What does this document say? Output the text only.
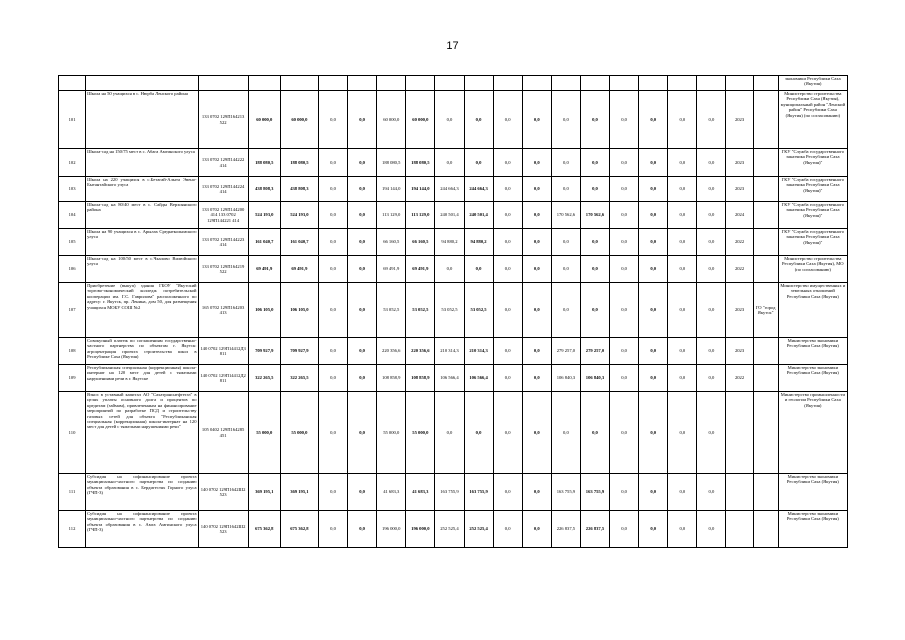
17
																					экономики Республики Саха (Якутия)
101	Школа на 50 учащихся в с. Нюрба Ленского района	133 0702 129П164213 522	60 000,0	60 000,0	0,0	0,0	60 000,0	60 000,0	0,0	0,0	0,0	0,0	0,0	0,0	0,0	0,0	0,0	0,0	2023		Министерство строительства Республики Саха (Якутия), муниципальный район "Ленский район" Республики Саха (Якутия) (по согласованию)
102	Школа-сад на 150/75 мест в с. Абага Амгинского улуса	133 0702 129П144222 414	188 080,5	188 080,5	0,0	0,0	188 080,5	188 080,5	0,0	0,0	0,0	0,0	0,0	0,0	0,0	0,0	0,0	0,0	2023		ГКУ "Служба государственного заказчика Республики Саха (Якутия)"
103	Школа на 220 учащихся в с.Бетагай-Алыта Эвено-Бытантайского улуса	133 0702 129П144224 414	438 808,3	438 808,3	0,0	0,0	194 144,0	194 144,0	244 664,3	244 664,3	0,0	0,0	0,0	0,0	0,0	0,0	0,0	0,0	2023		ГКУ "Служба государственного заказчика Республики Саха (Якутия)"
104	Школа-сад на 80/40 мест в с. Сайды Верхоянского района	133 0702 129П144200 414 133 0702 129П144221 414	524 193,0	524 193,0	0,0	0,0	113 129,0	113 129,0	240 501,4	240 501,4	0,0	0,0	170 562,6	170 562,6	0,0	0,0	0,0	0,0	2024		ГКУ "Служба государственного заказчика Республики Саха (Якутия)"
105	Школа на 90 учащихся в с. Арылах Среднеколымского улуса	133 0702 129П144223 414	161 040,7	161 040,7	0,0	0,0	66 160,5	66 160,5	94 880,2	94 880,2	0,0	0,0	0,0	0,0	0,0	0,0	0,0	0,0	2022		ГКУ "Служба государственного заказчика Республики Саха (Якутия)"
106	Школа-сад на 100/50 мест в с.Чкалово Вилюйского улуса	133 0702 129П164219 522	69 491,9	69 491,9	0,0	0,0	69 491,9	69 491,9	0,0	0,0	0,0	0,0	0,0	0,0	0,0	0,0	0,0	0,0	2022		Министерство строительства Республики Саха (Якутия), МО (по согласованию)
107	Приобретение (выкуп) здания ГБОУ "Якутский торгово-экономический колледж потребительской кооперации им. Г.С. Гаврилова" расположенного по адресу: г. Якутск, пр. Ленина, дом 50, для размещения учащихся МОБУ СОШ №2	165 0702 129П164203 413	106 105,0	106 105,0	0,0	0,0	53 052,5	53 052,5	53 052,5	53 052,5	0,0	0,0	0,0	0,0	0,0	0,0	0,0	0,0	2023	ГО "город Якутск"	Министерство имущественных и земельных отношений Республики Саха (Якутия)
108	Совокупный платеж по соглашениям государственно-частного партнерства по объектам г. Якутск: агроцентрация проекта строительства школ в Республике Саха (Якутия)	140 0702 129П14412Д3 811	709 927,9	709 927,9	0,0	0,0	220 356,6	220 356,6	210 314,3	210 314,3	0,0	0,0	279 257,0	279 257,0	0,0	0,0	0,0	0,0	2023		Министерство экономики Республики Саха (Якутия)
109	Республиканская специальная (коррекционная) школа-интернат на 120 мест для детей с тяжелыми нарушениями речи в г. Якутске	140 0702 129П14412Д2 811	322 265,5	322 265,5	0,0	0,0	108 858,9	108 858,9	106 566,4	106 566,4	0,0	0,0	106 840,3	106 840,3	0,0	0,0	0,0	0,0	2022		Министерство экономики Республики Саха (Якутия)
110	Взнос в уставный капитал АО "Сахатранснефтегаз" в целях уплаты основного долга и процентов по кредитам (займам), привлеченным на финансирование мероприятий по разработке ПСД и строительству газовых сетей для объекта "Республиканская специальная (коррекционная) школа-интернат на 120 мест для детей с тяжелыми нарушениями речи"	105 0402 129П164285 451	55 000,0	55 000,0	0,0	0,0	55 000,0	55 000,0	0,0	0,0	0,0	0,0	0,0	0,0	0,0	0,0	0,0	0,0			Министерство промышленности и геологии Республики Саха (Якутия)
111	Субсидия на софинансирование проекта муниципально-частного партнерства по созданию объекта образования в с. Бердигестях Горного улуса (ГЧП-3)	140 0702 129П1642Ш2 523	369 195,1	369 195,1	0,0	0,0	41 683,3	41 683,3	163 755,9	163 755,9	0,0	0,0	163 755,9	163 755,9	0,0	0,0	0,0	0,0			Министерство экономики Республики Саха (Якутия)
112	Субсидия на софинансирование проекта муниципально-частного партнерства по созданию объекта образования в с. Амга Амгинского улуса (ГЧП-3)	140 0702 129П1642Ш2 523	675 362,8	675 362,8	0,0	0,0	196 000,0	196 000,0	252 525,4	252 525,4	0,0	0,0	226 837,5	226 837,5	0,0	0,0	0,0	0,0			Министерство экономики Республики Саха (Якутия)
